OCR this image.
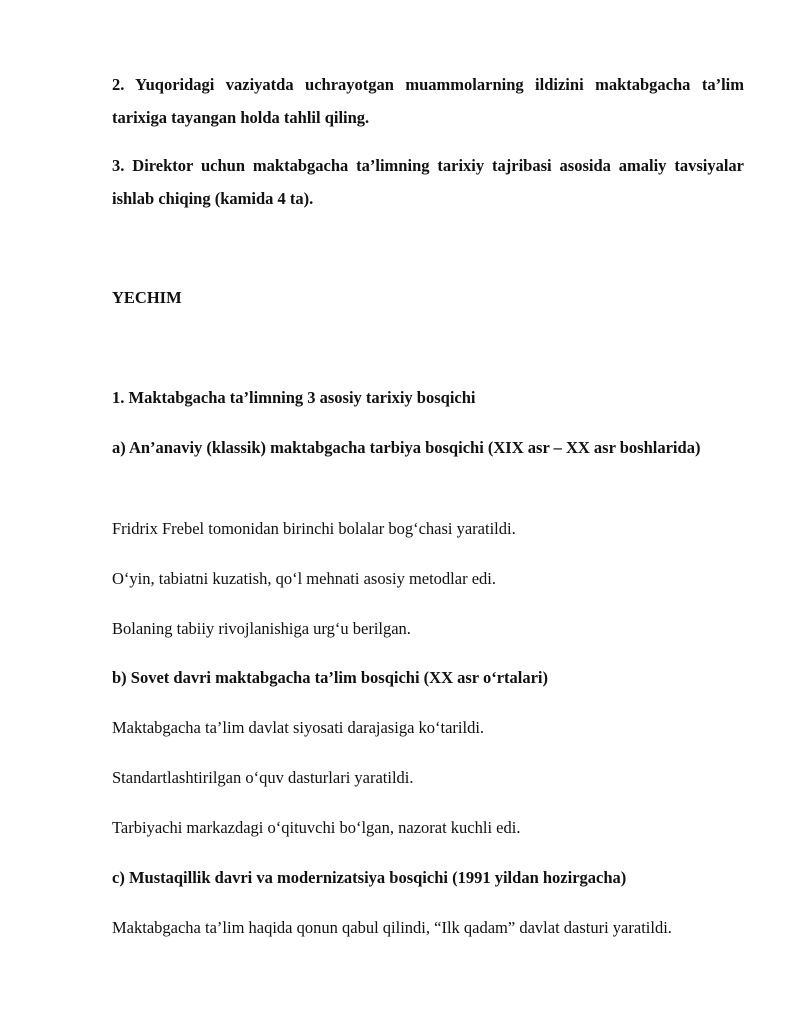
2. Yuqoridagi vaziyatda uchrayotgan muammolarning ildizini maktabgacha ta’lim tarixiga tayangan holda tahlil qiling.

3. Direktor uchun maktabgacha ta’limning tarixiy tajribasi asosida amaliy tavsiyalar ishlab chiqing (kamida 4 ta).

YECHIM

1. Maktabgacha ta’limning 3 asosiy tarixiy bosqichi

a) An’anaviy (klassik) maktabgacha tarbiya bosqichi (XIX asr – XX asr boshlarida)

Fridrix Frebel tomonidan birinchi bolalar bog‘chasi yaratildi.

O‘yin, tabiatni kuzatish, qo‘l mehnati asosiy metodlar edi.

Bolaning tabiiy rivojlanishiga urg‘u berilgan.

b) Sovet davri maktabgacha ta’lim bosqichi (XX asr o‘rtalari)

Maktabgacha ta’lim davlat siyosati darajasiga ko‘tarildi.

Standartlashtirilgan o‘quv dasturlari yaratildi.

Tarbiyachi markazdagi o‘qituvchi bo‘lgan, nazorat kuchli edi.

c) Mustaqillik davri va modernizatsiya bosqichi (1991 yildan hozirgacha)

Maktabgacha ta’lim haqida qonun qabul qilindi, “Ilk qadam” davlat dasturi yaratildi.
